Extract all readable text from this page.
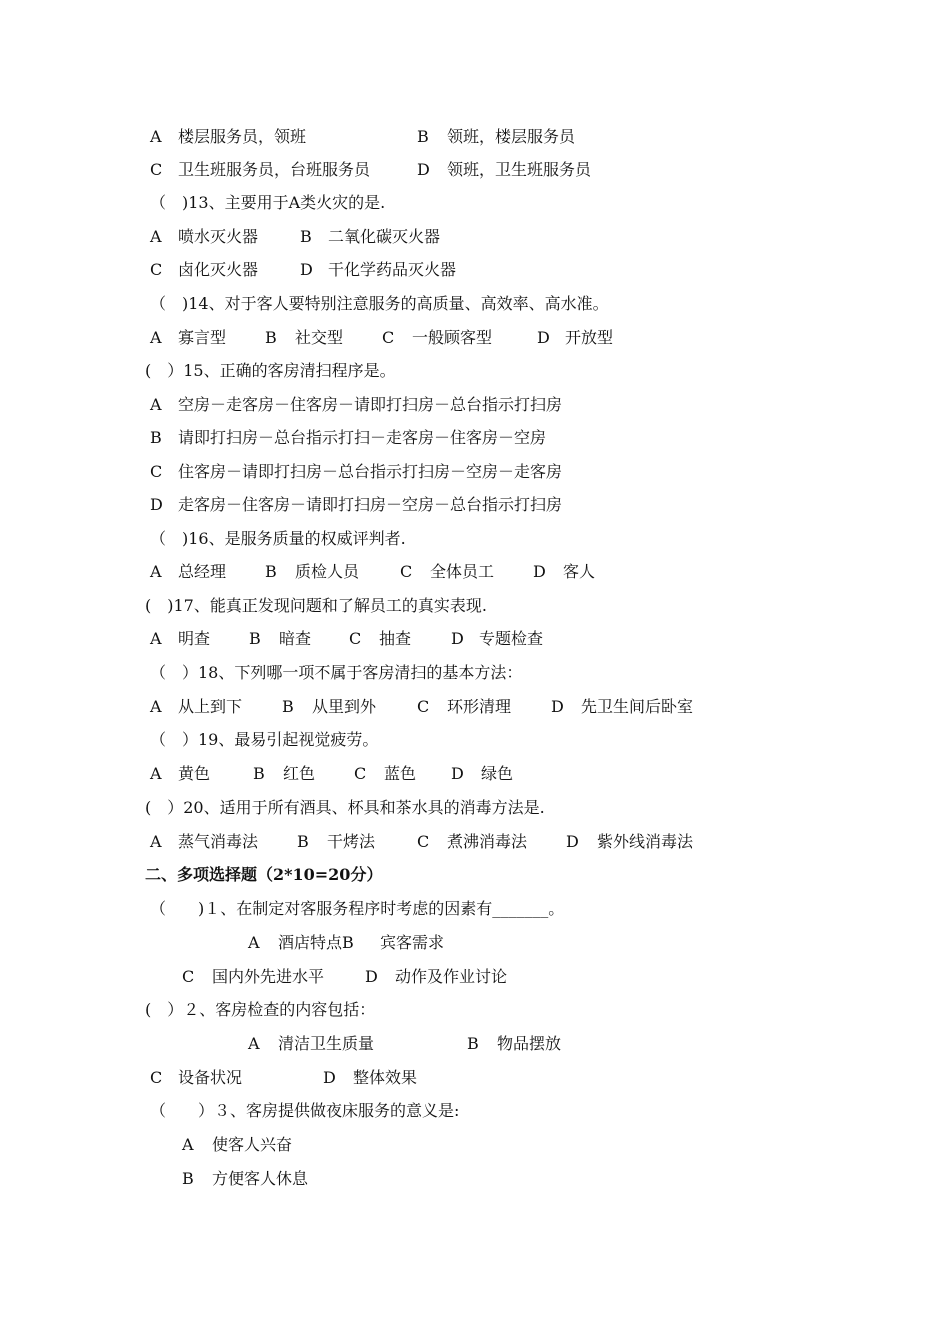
A 楼层服务员，领班	B 领班，楼层服务员
C 卫生班服务员，台班服务员	D 领班，卫生班服务员
（　)13、主要用于A类火灾的是.
A 喷水灭火器	B 二氧化碳灭火器
C 卤化灭火器	D 干化学药品灭火器
（　)14、对于客人要特别注意服务的高质量、高效率、高水准。
A 寡言型 B 社交型 C 一般顾客型	D 开放型
(　）15、正确的客房清扫程序是。
A 空房－走客房－住客房－请即打扫房－总台指示打扫房
B 请即打扫房－总台指示打扫－走客房－住客房－空房
C 住客房－请即打扫房－总台指示打扫房－空房－走客房
D 走客房－住客房－请即打扫房－空房－总台指示打扫房
（　)16、是服务质量的权威评判者.
A 总经理 B 质检人员	C 全体员工 D 客人
(　)17、能真正发现问题和了解员工的真实表现.
A 明查 B 暗查 C 抽查 D 专题检查
（　）18、下列哪一项不属于客房清扫的基本方法：
A 从上到下 B 从里到外	C 环形清理 D 先卫生间后卧室
（　）19、最易引起视觉疲劳。
A 黄色	B 红色 C 蓝色 D 绿色
(　）20、适用于所有酒具、杯具和茶水具的消毒方法是.
A 蒸气消毒法 B 干烤法	C 煮沸消毒法 D 紫外线消毒法
二、多项选择题（2*10=20分）
（　　)１、在制定对客服务程序时考虑的因素有_______。
A 酒店特点B 宾客需求
C 国内外先进水平	D 动作及作业讨论
(　）２、客房检查的内容包括：
A 清洁卫生质量	B 物品摆放
C 设备状况	D 整体效果
（　　）３、客房提供做夜床服务的意义是:
A 使客人兴奋
B 方便客人休息
